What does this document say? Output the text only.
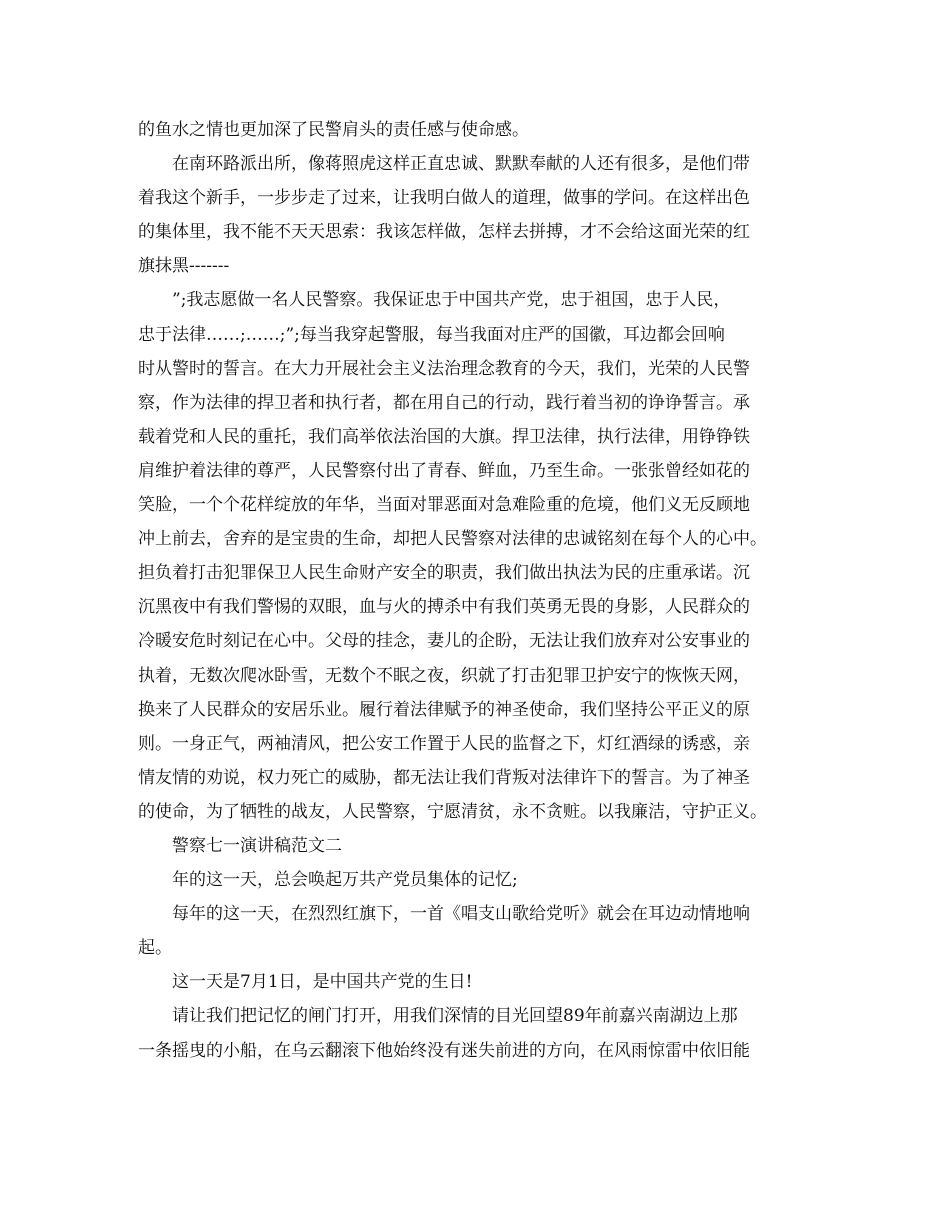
的鱼水之情也更加深了民警肩头的责任感与使命感。
在南环路派出所，像蒋照虎这样正直忠诚、默默奉献的人还有很多，是他们带
着我这个新手，一步步走了过来，让我明白做人的道理，做事的学问。在这样出色
的集体里，我不能不天天思索：我该怎样做，怎样去拼搏，才不会给这面光荣的红
旗抹黑-------
”;我志愿做一名人民警察。我保证忠于中国共产党，忠于祖国，忠于人民，
忠于法律……;……;”;每当我穿起警服，每当我面对庄严的国徽，耳边都会回响
时从警时的誓言。在大力开展社会主义法治理念教育的今天，我们，光荣的人民警
察，作为法律的捍卫者和执行者，都在用自己的行动，践行着当初的诤诤誓言。承
载着党和人民的重托，我们高举依法治国的大旗。捍卫法律，执行法律，用铮铮铁
肩维护着法律的尊严，人民警察付出了青春、鲜血，乃至生命。一张张曾经如花的
笑脸，一个个花样绽放的年华，当面对罪恶面对急难险重的危境，他们义无反顾地
冲上前去，舍弃的是宝贵的生命，却把人民警察对法律的忠诚铭刻在每个人的心中。
担负着打击犯罪保卫人民生命财产安全的职责，我们做出执法为民的庄重承诺。沉
沉黑夜中有我们警惕的双眼，血与火的搏杀中有我们英勇无畏的身影，人民群众的
冷暖安危时刻记在心中。父母的挂念，妻儿的企盼，无法让我们放弃对公安事业的
执着，无数次爬冰卧雪，无数个不眠之夜，织就了打击犯罪卫护安宁的恢恢天网，
换来了人民群众的安居乐业。履行着法律赋予的神圣使命，我们坚持公平正义的原
则。一身正气，两袖清风，把公安工作置于人民的监督之下，灯红酒绿的诱惑，亲
情友情的劝说，权力死亡的威胁，都无法让我们背叛对法律许下的誓言。为了神圣
的使命，为了牺牲的战友，人民警察，宁愿清贫，永不贪赃。以我廉洁，守护正义。
警察七一演讲稿范文二
年的这一天，总会唤起万共产党员集体的记忆;
每年的这一天，在烈烈红旗下，一首《唱支山歌给党听》就会在耳边动情地响
起。
这一天是7月1日，是中国共产党的生日!
请让我们把记忆的闸门打开，用我们深情的目光回望89年前嘉兴南湖边上那
一条摇曳的小船，在乌云翻滚下他始终没有迷失前进的方向，在风雨惊雷中依旧能
